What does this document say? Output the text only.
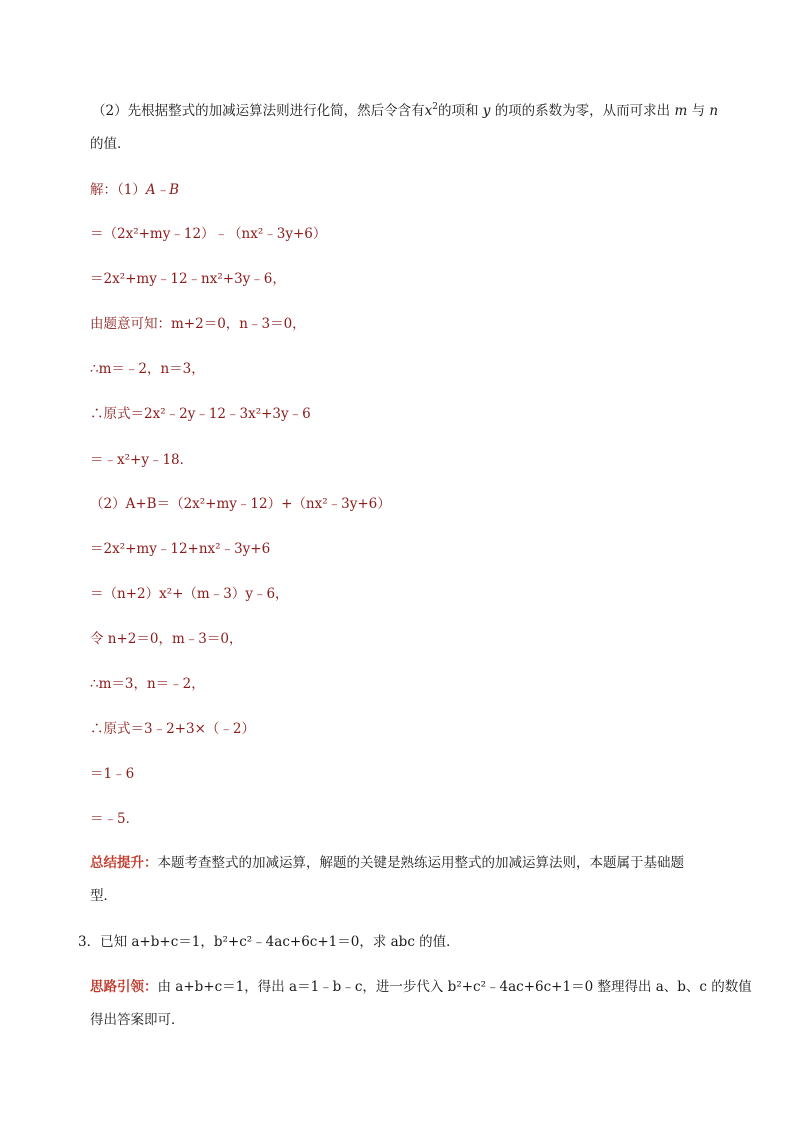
（2）先根据整式的加减运算法则进行化简，然后令含有$x^2$的项和 y 的项的系数为零，从而可求出 m 与 n
的值．
解：（1）A﹣B
＝（2x²+my﹣12）﹣（nx²﹣3y+6）
＝2x²+my﹣12﹣nx²+3y﹣6，
由题意可知：m+2＝0，n﹣3＝0，
∴m＝﹣2，n＝3，
∴原式＝2x²﹣2y﹣12﹣3x²+3y﹣6
＝﹣x²+y﹣18．
（2）A+B＝（2x²+my﹣12）+（nx²﹣3y+6）
＝2x²+my﹣12+nx²﹣3y+6
＝（n+2）x²+（m﹣3）y﹣6，
令 n+2＝0，m﹣3＝0，
∴m＝3，n＝﹣2，
∴原式＝3﹣2+3×（﹣2）
＝1﹣6
＝﹣5．
总结提升：本题考查整式的加减运算，解题的关键是熟练运用整式的加减运算法则，本题属于基础题
型．
3．已知 a+b+c＝1，b²+c²﹣4ac+6c+1＝0，求 abc 的值．
思路引领：由 a+b+c＝1，得出 a＝1﹣b﹣c，进一步代入 b²+c²﹣4ac+6c+1＝0 整理得出 a、b、c 的数值
得出答案即可．
